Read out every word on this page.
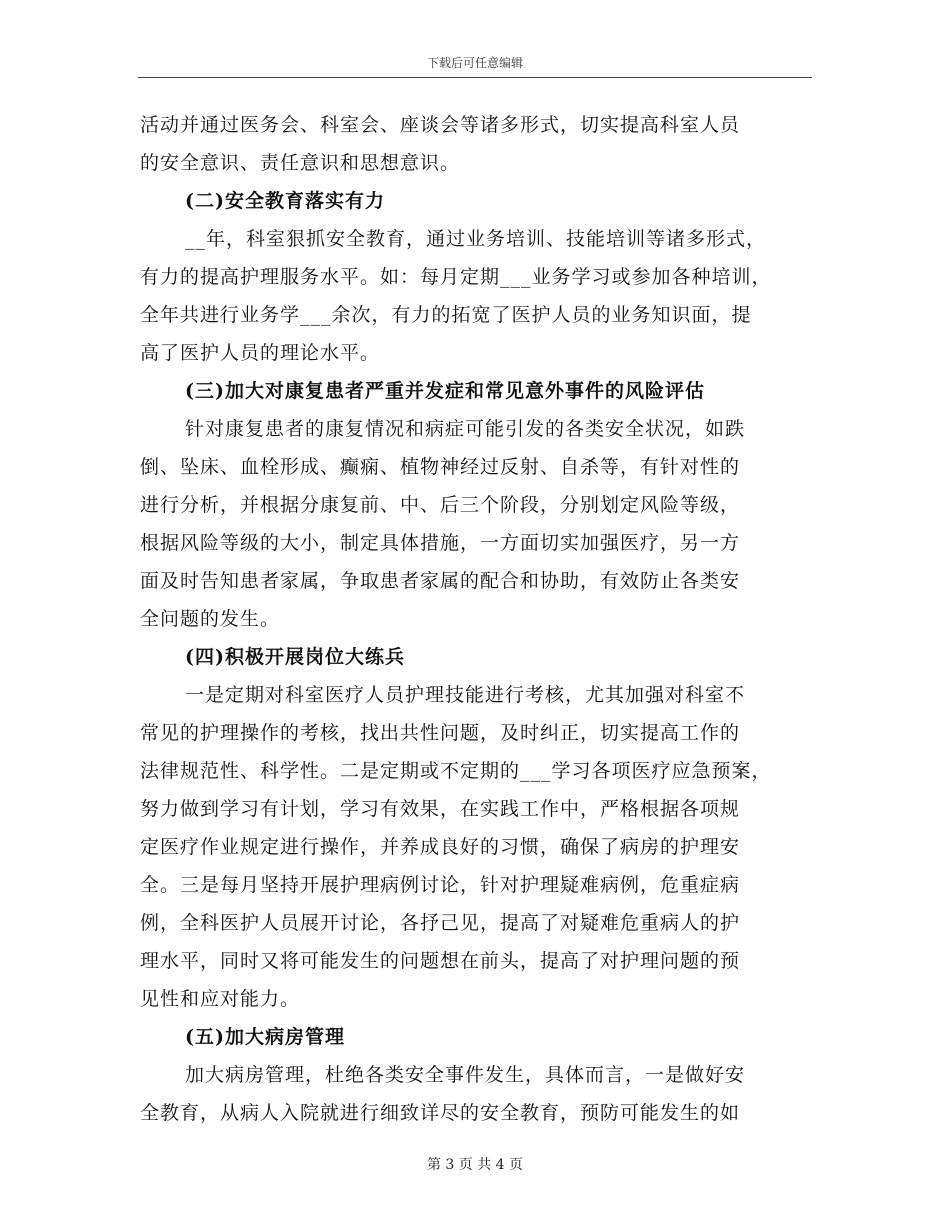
下载后可任意编辑
活动并通过医务会、科室会、座谈会等诸多形式，切实提高科室人员
的安全意识、责任意识和思想意识。
(二)安全教育落实有力
__年，科室狠抓安全教育，通过业务培训、技能培训等诸多形式，
有力的提高护理服务水平。如：每月定期___业务学习或参加各种培训，
全年共进行业务学___余次，有力的拓宽了医护人员的业务知识面，提
高了医护人员的理论水平。
(三)加大对康复患者严重并发症和常见意外事件的风险评估
针对康复患者的康复情况和病症可能引发的各类安全状况，如跌
倒、坠床、血栓形成、癫痫、植物神经过反射、自杀等，有针对性的
进行分析，并根据分康复前、中、后三个阶段，分别划定风险等级，
根据风险等级的大小，制定具体措施，一方面切实加强医疗，另一方
面及时告知患者家属，争取患者家属的配合和协助，有效防止各类安
全问题的发生。
(四)积极开展岗位大练兵
一是定期对科室医疗人员护理技能进行考核，尤其加强对科室不
常见的护理操作的考核，找出共性问题，及时纠正，切实提高工作的
法律规范性、科学性。二是定期或不定期的___学习各项医疗应急预案，
努力做到学习有计划，学习有效果，在实践工作中，严格根据各项规
定医疗作业规定进行操作，并养成良好的习惯，确保了病房的护理安
全。三是每月坚持开展护理病例讨论，针对护理疑难病例，危重症病
例，全科医护人员展开讨论，各抒己见，提高了对疑难危重病人的护
理水平，同时又将可能发生的问题想在前头，提高了对护理问题的预
见性和应对能力。
(五)加大病房管理
加大病房管理，杜绝各类安全事件发生，具体而言，一是做好安
全教育，从病人入院就进行细致详尽的安全教育，预防可能发生的如
第 3 页 共 4 页
